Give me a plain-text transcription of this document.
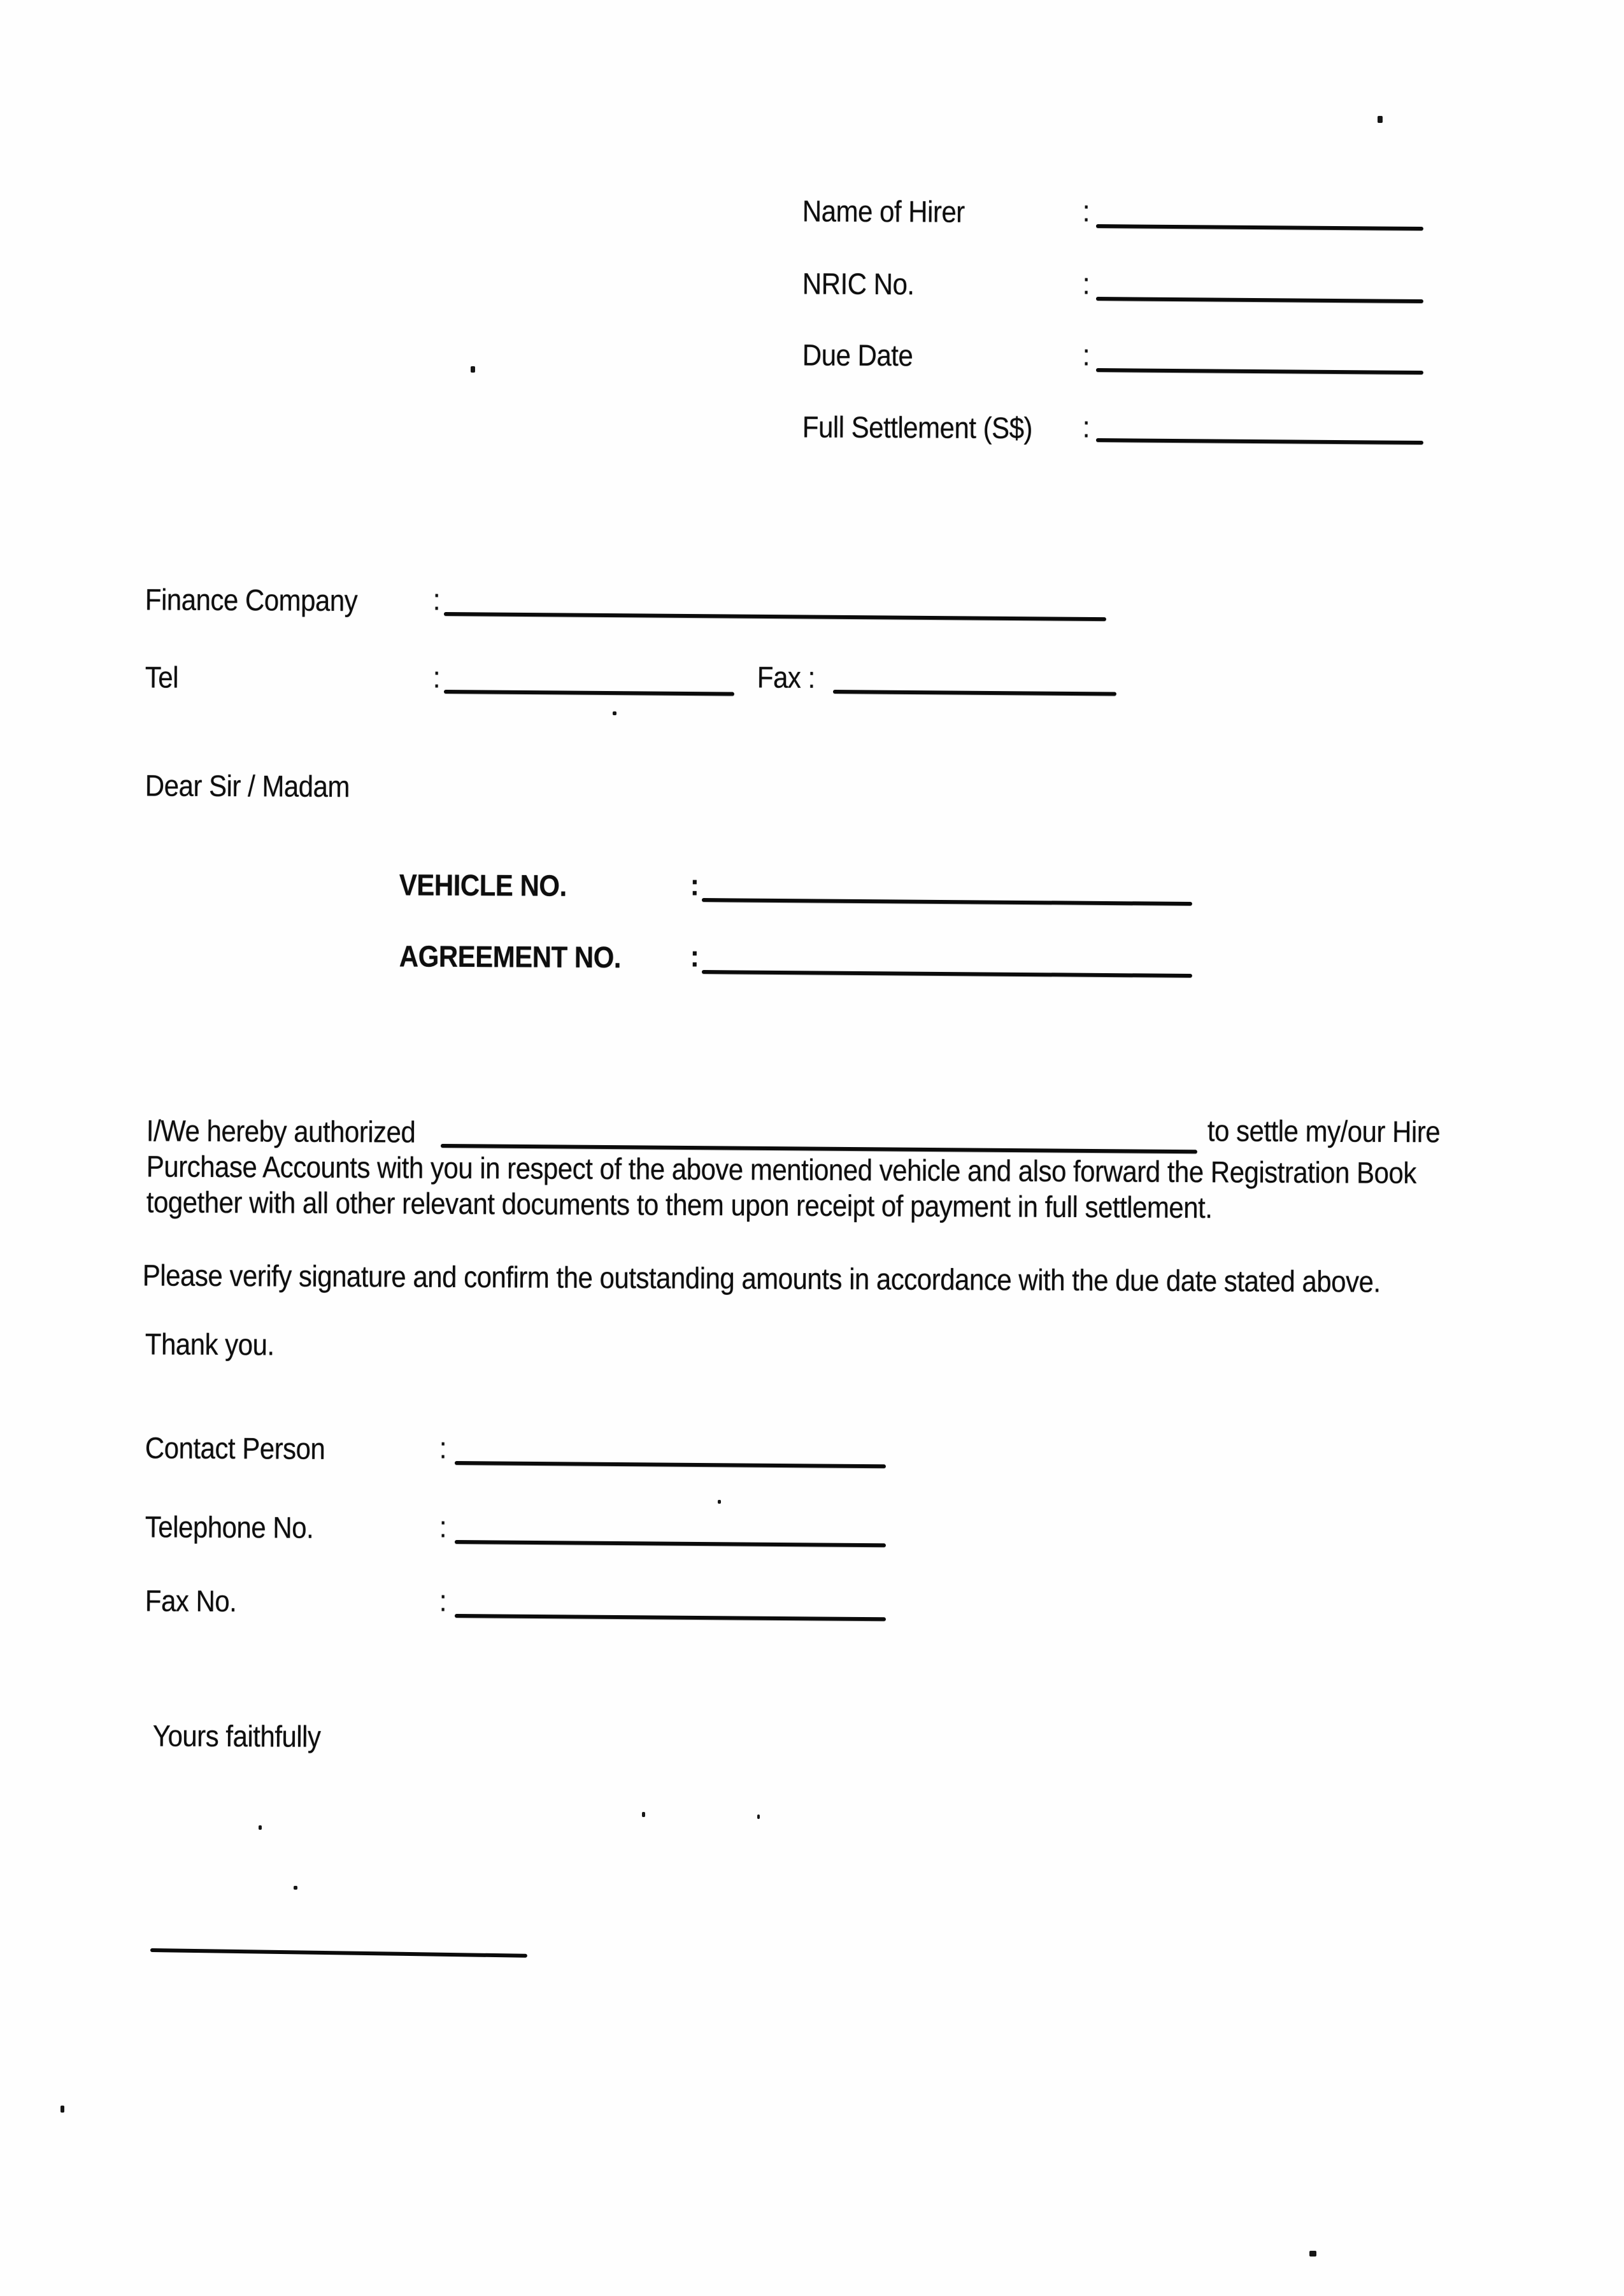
Name of Hirer	:
NRIC No.	:
Due Date	:
Full Settlement (S$) :
Finance Company	:
Tel	:	Fax :
Dear Sir / Madam
VEHICLE NO.	:
AGREEMENT NO.	:
I/We hereby authorized	to settle my/our Hire
Purchase Accounts with you in respect of the above mentioned vehicle and also forward the Registration Book
together with all other relevant documents to them upon receipt of payment in full settlement.
Please verify signature and confirm the outstanding amounts in accordance with the due date stated above.
Thank you.
Contact Person	:
Telephone No.	:
Fax No.	:
Yours faithfully
